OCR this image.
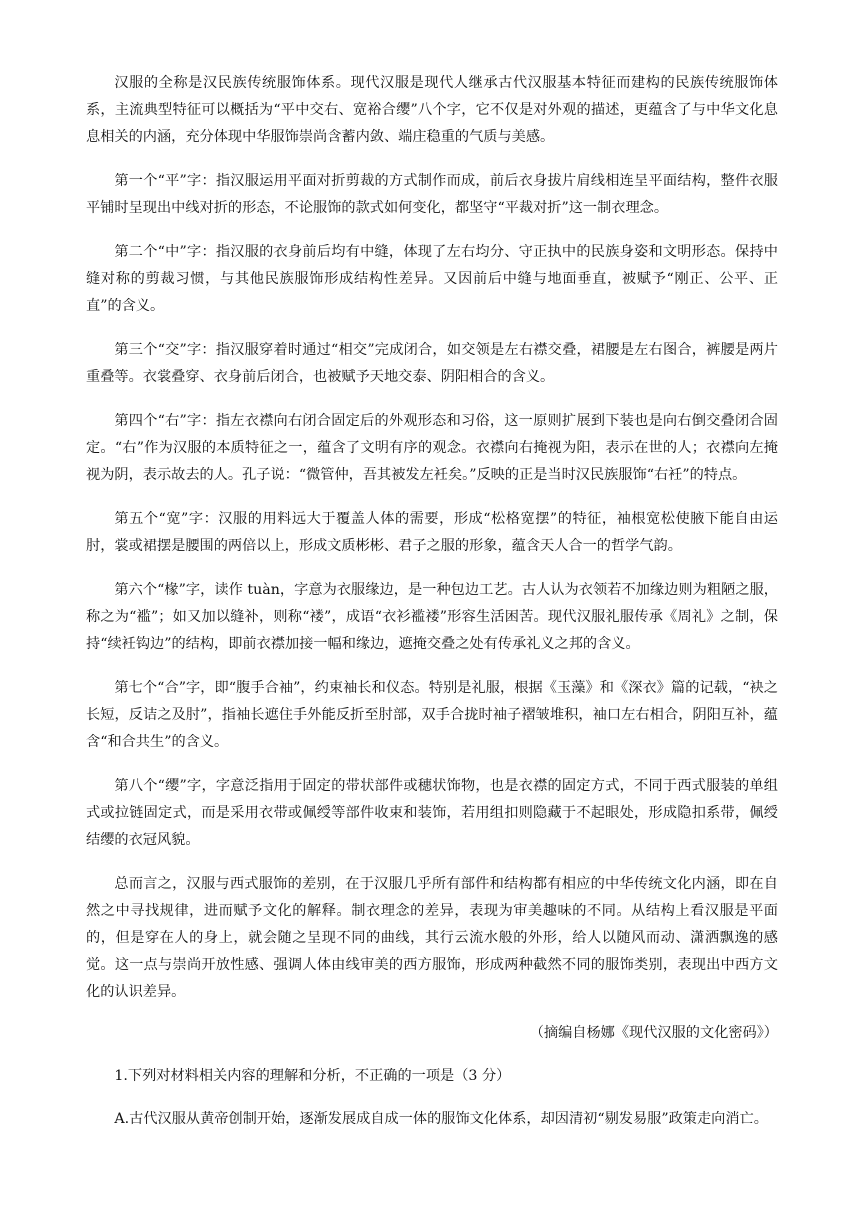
汉服的全称是汉民族传统服饰体系。现代汉服是现代人继承古代汉服基本特征而建构的民族传统服饰体系，主流典型特征可以概括为“平中交右、宽裕合缨”八个字，它不仅是对外观的描述，更蕴含了与中华文化息息相关的内涵，充分体现中华服饰崇尚含蓄内敛、端庄稳重的气质与美感。

第一个“平”字：指汉服运用平面对折剪裁的方式制作而成，前后衣身拔片肩线相连呈平面结构，整件衣服平铺时呈现出中线对折的形态，不论服饰的款式如何变化，都坚守“平裁对折”这一制衣理念。

第二个“中”字：指汉服的衣身前后均有中缝，体现了左右均分、守正执中的民族身姿和文明形态。保持中缝对称的剪裁习惯，与其他民族服饰形成结构性差异。又因前后中缝与地面垂直，被赋予“刚正、公平、正直”的含义。

第三个“交”字：指汉服穿着时通过“相交”完成闭合，如交领是左右襟交叠，裙腰是左右图合，裤腰是两片重叠等。衣裳叠穿、衣身前后闭合，也被赋予天地交泰、阴阳相合的含义。

第四个“右”字：指左衣襟向右闭合固定后的外观形态和习俗，这一原则扩展到下装也是向右倒交叠闭合固定。“右”作为汉服的本质特征之一，蕴含了文明有序的观念。衣襟向右掩视为阳，表示在世的人；衣襟向左掩视为阴，表示故去的人。孔子说：“微管仲，吾其被发左衽矣。”反映的正是当时汉民族服饰“右衽”的特点。

第五个“宽”字：汉服的用料远大于覆盖人体的需要，形成“松格宽摆”的特征，袖根宽松使腋下能自由运肘，裳或裙摆是腰围的两倍以上，形成文质彬彬、君子之服的形象，蕴含天人合一的哲学气韵。

第六个“椽”字，读作 tuàn，字意为衣服缘边，是一种包边工艺。古人认为衣领若不加缘边则为粗陋之服，称之为“褴”；如又加以缝补，则称“褛”，成语“衣衫褴褛”形容生活困苦。现代汉服礼服传承《周礼》之制，保持“续衽钩边”的结构，即前衣襟加接一幅和缘边，遮掩交叠之处有传承礼义之邦的含义。

第七个“合”字，即“腹手合袖”，约束袖长和仪态。特别是礼服，根据《玉藻》和《深衣》篇的记载，“袂之长短，反诘之及肘”，指袖长遮住手外能反折至肘部，双手合拢时袖子褶皱堆积，袖口左右相合，阴阳互补，蕴含“和合共生”的含义。

第八个“缨”字，字意泛指用于固定的带状部件或穗状饰物，也是衣襟的固定方式，不同于西式服装的单组式或拉链固定式，而是采用衣带或佩绶等部件收束和装饰，若用组扣则隐藏于不起眼处，形成隐扣系带，佩绶结缨的衣冠风貌。

总而言之，汉服与西式服饰的差别，在于汉服几乎所有部件和结构都有相应的中华传统文化内涵，即在自然之中寻找规律，进而赋予文化的解释。制衣理念的差异，表现为审美趣味的不同。从结构上看汉服是平面的，但是穿在人的身上，就会随之呈现不同的曲线，其行云流水般的外形，给人以随风而动、潇洒飘逸的感觉。这一点与崇尚开放性感、强调人体由线审美的西方服饰，形成两种截然不同的服饰类别，表现出中西方文化的认识差异。

（摘编自杨娜《现代汉服的文化密码》）

1.下列对材料相关内容的理解和分析，不正确的一项是（3 分）

A.古代汉服从黄帝创制开始，逐渐发展成自成一体的服饰文化体系，却因清初“剔发易服”政策走向消亡。
